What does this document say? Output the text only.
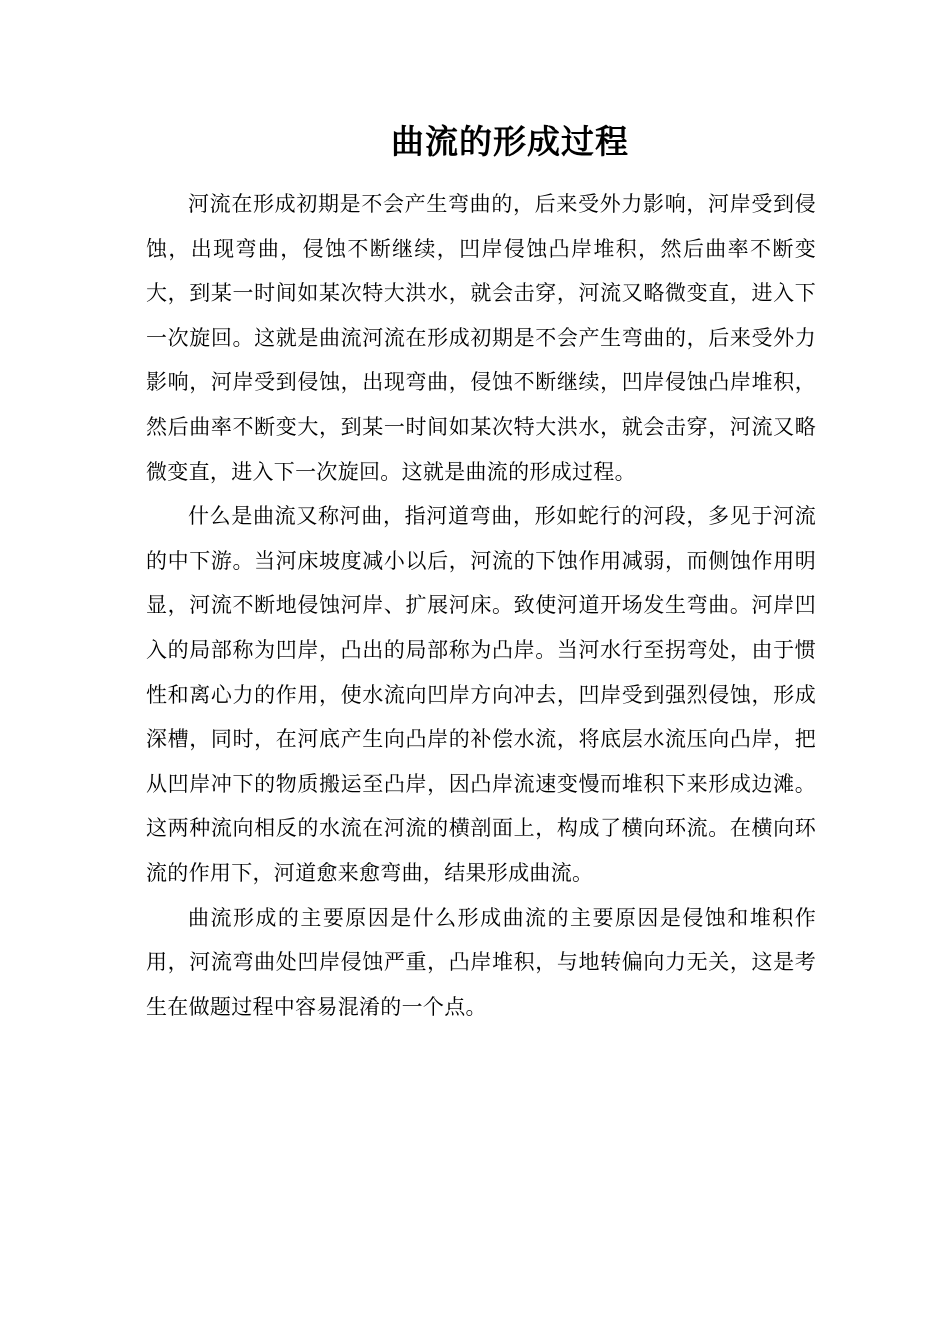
曲流的形成过程

河流在形成初期是不会产生弯曲的，后来受外力影响，河岸受到侵蚀，出现弯曲，侵蚀不断继续，凹岸侵蚀凸岸堆积，然后曲率不断变大，到某一时间如某次特大洪水，就会击穿，河流又略微变直，进入下一次旋回。这就是曲流河流在形成初期是不会产生弯曲的，后来受外力影响，河岸受到侵蚀，出现弯曲，侵蚀不断继续，凹岸侵蚀凸岸堆积，然后曲率不断变大，到某一时间如某次特大洪水，就会击穿，河流又略微变直，进入下一次旋回。这就是曲流的形成过程。

什么是曲流又称河曲，指河道弯曲，形如蛇行的河段，多见于河流的中下游。当河床坡度减小以后，河流的下蚀作用减弱，而侧蚀作用明显，河流不断地侵蚀河岸、扩展河床。致使河道开场发生弯曲。河岸凹入的局部称为凹岸，凸出的局部称为凸岸。当河水行至拐弯处，由于惯性和离心力的作用，使水流向凹岸方向冲去，凹岸受到强烈侵蚀，形成深槽，同时，在河底产生向凸岸的补偿水流，将底层水流压向凸岸，把从凹岸冲下的物质搬运至凸岸，因凸岸流速变慢而堆积下来形成边滩。这两种流向相反的水流在河流的横剖面上，构成了横向环流。在横向环流的作用下，河道愈来愈弯曲，结果形成曲流。

曲流形成的主要原因是什么形成曲流的主要原因是侵蚀和堆积作用，河流弯曲处凹岸侵蚀严重，凸岸堆积，与地转偏向力无关，这是考生在做题过程中容易混淆的一个点。
